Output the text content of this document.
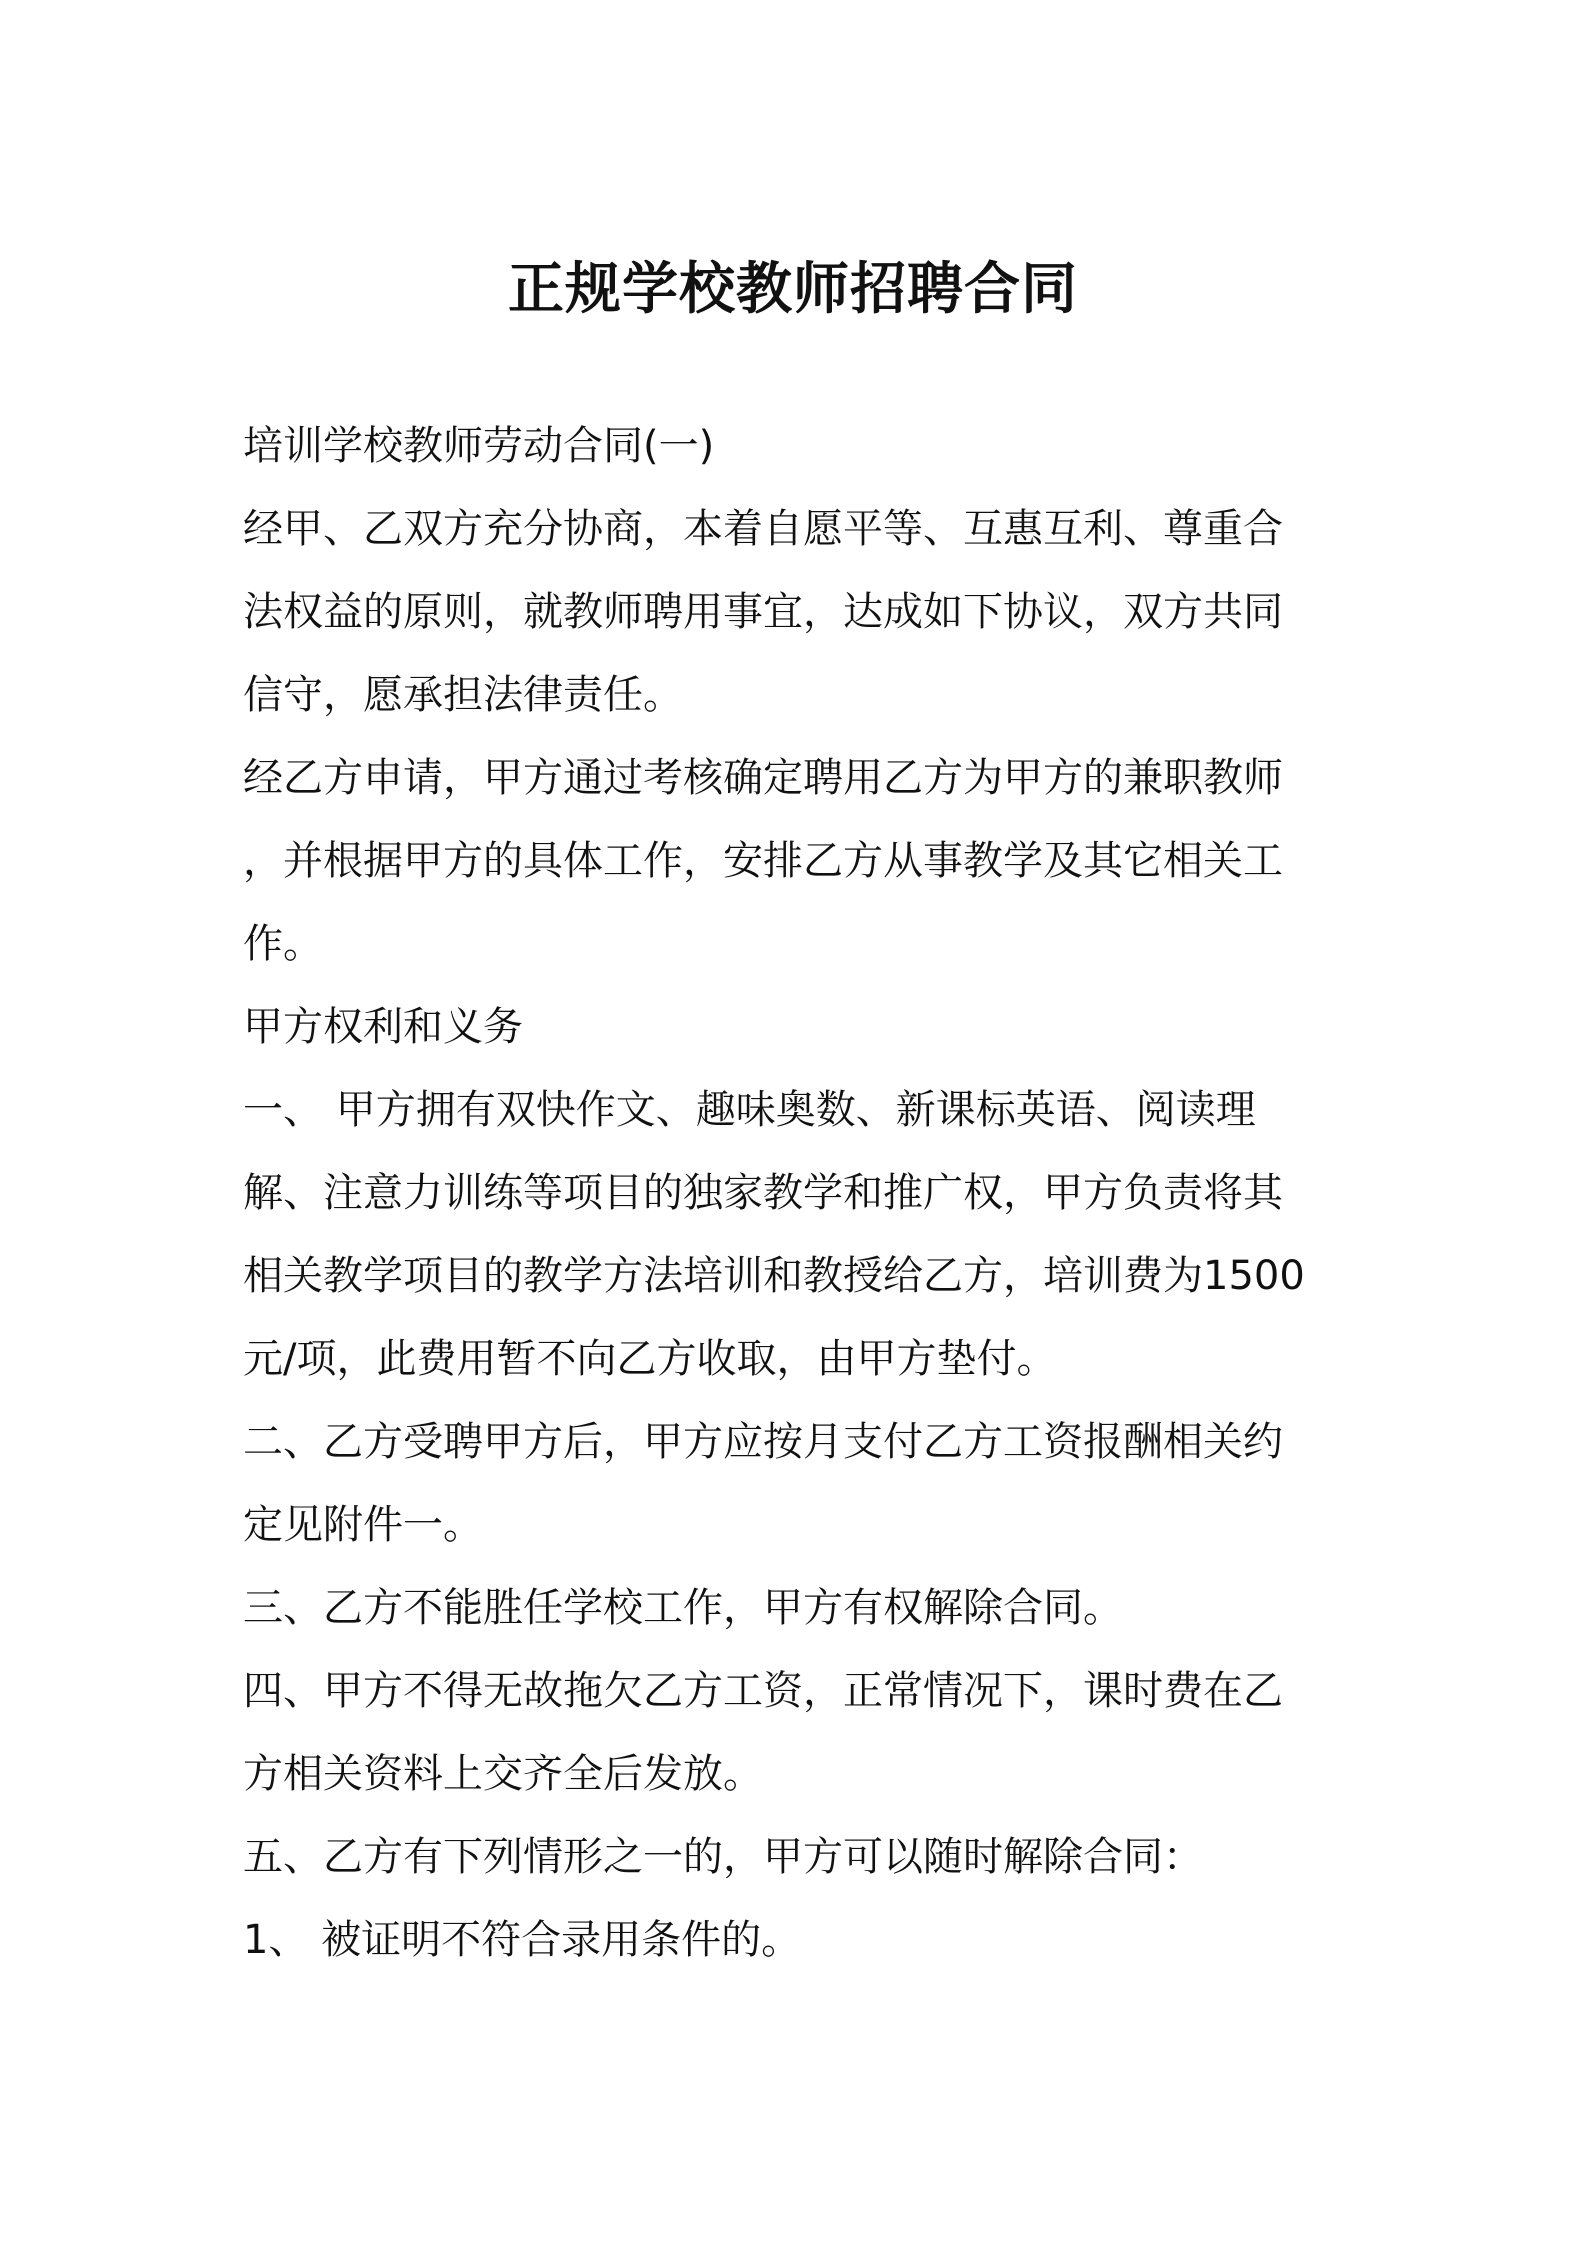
正规学校教师招聘合同
培训学校教师劳动合同(一)
经甲、乙双方充分协商，本着自愿平等、互惠互利、尊重合
法权益的原则，就教师聘用事宜，达成如下协议，双方共同
信守，愿承担法律责任。
经乙方申请，甲方通过考核确定聘用乙方为甲方的兼职教师
，并根据甲方的具体工作，安排乙方从事教学及其它相关工
作。
甲方权利和义务
一、 甲方拥有双快作文、趣味奥数、新课标英语、阅读理
解、注意力训练等项目的独家教学和推广权，甲方负责将其
相关教学项目的教学方法培训和教授给乙方，培训费为1500
元/项，此费用暂不向乙方收取，由甲方垫付。
二、乙方受聘甲方后，甲方应按月支付乙方工资报酬相关约
定见附件一。
三、乙方不能胜任学校工作，甲方有权解除合同。
四、甲方不得无故拖欠乙方工资，正常情况下，课时费在乙
方相关资料上交齐全后发放。
五、乙方有下列情形之一的，甲方可以随时解除合同：
1、 被证明不符合录用条件的。
